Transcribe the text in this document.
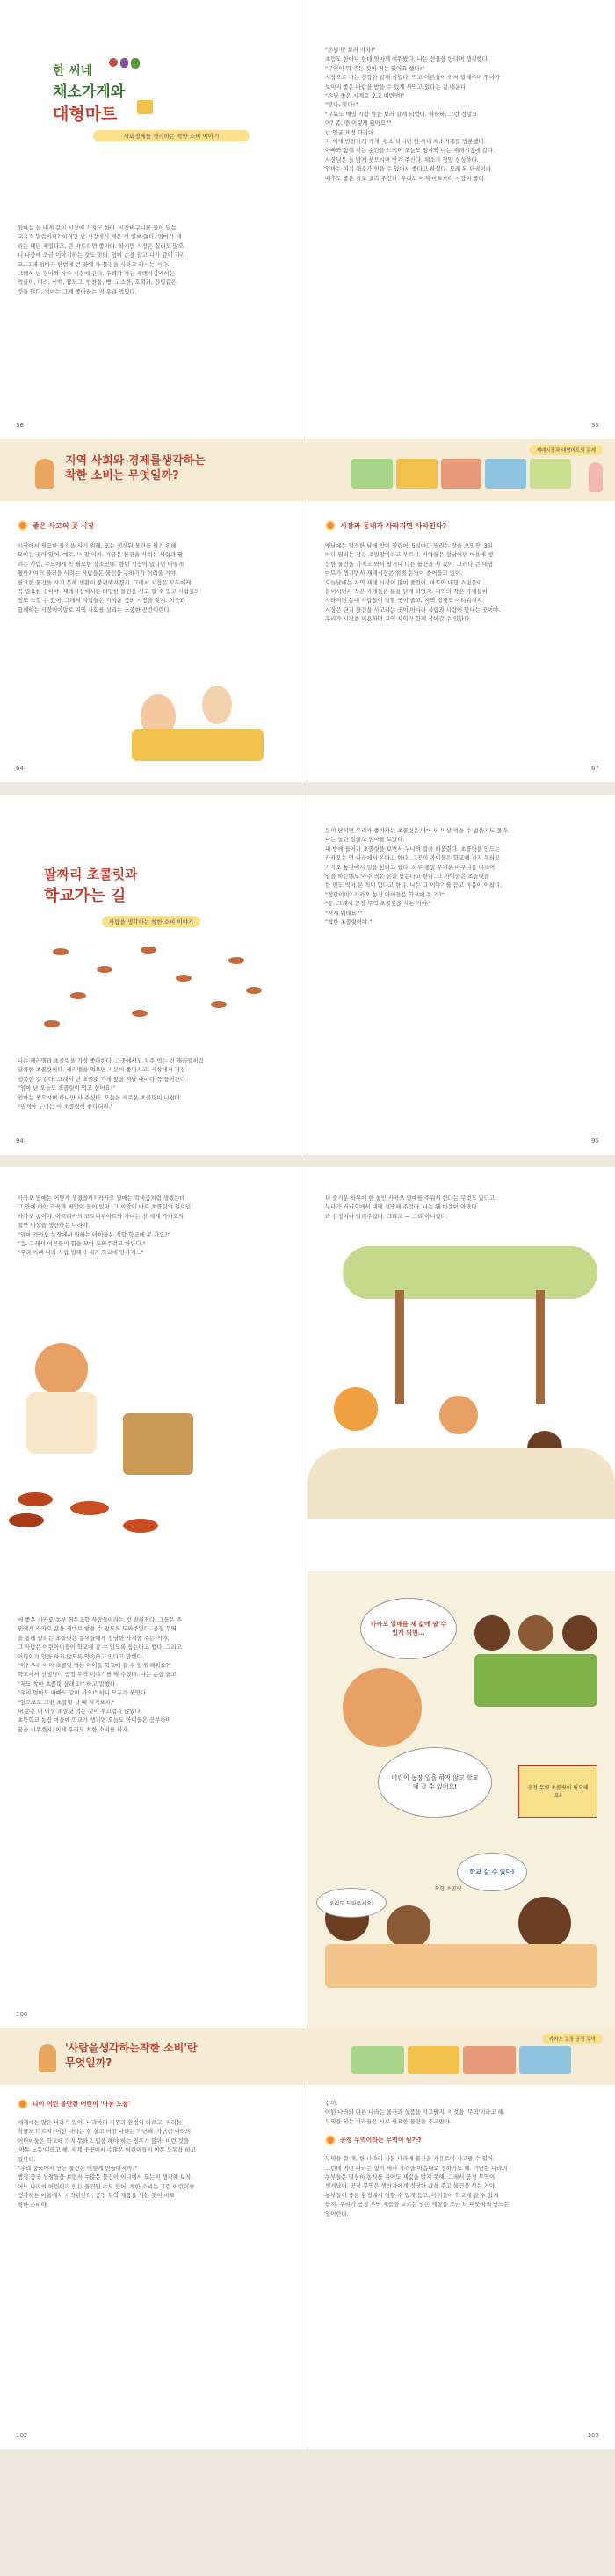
한 씨네
채소가게와
대형마트
사회경제를 생각하는 착한 소비 이야기
엄마는 늘 내게 같이 시장에 가자고 한다. 시장바구니를 들어 달는
교육적 말씀이다? 하지만 난 시장에서 배운 게 별로 없다. 엄마가 데
리는 대단 재밌다고, 큰 마트라면 좋아다. 하지만 시장은 실리도 많으
니 나중에 조금 이야기하는 것도 맞다. 엄마 손을 잡고 나가 같이 가라
고, 그래 엄마가 한번에 큰 곳에 가 물건을 사라고 하시는 거다.
그래서 난 엄마와 자주 시장에 간다. 우리가 가는 재래시장에서는
억울이, 여려, 신백, 짬도그, 반찬통, 빵, 고소한, 호떡과, 전병같은
것들 많다. 엄마는 그게 좋아하는 지 우리 먹었다.
36
"손님 맛 보러 가자!"
초등도 한마디 한데 엄마께 여쭤봤다. 나는 선물을 한다며 생각했다.
"무엇이 뭐 주는 것이 저는 있어요 했다!"
시장으로 가는 건강한 알게 싶었다. 먹고 어른들이 와서 말해주며 엄마가
보이지 좋은 바람을 받을 수 있게 사먹고 있다는 걸 배운다.
"손님 좋은 시계로 오고 이번엔!"
"맞다, 맞다!"
"무료도 매일 시장 말을 보러 갈게 되었다. 하하하, 그런 정말요
어? 좀, 맨 이렇게 됐어요?"
난 얼굴 표정 다잡아.
자 이제 반찬가게 가게, 평소 다니던 한 씨네 채소가게를 방문했다.
아빠와 함께 사는 순간을 느끼며 오늘도 엄마와 나는 재래시장에 갔다.
사장님은 늘 밝게 웃으시며 반겨 주신다. 채소가 정말 싱싱하다.
엄마는 여기 채소가 믿을 수 있어서 좋다고 하셨다. 오래 된 단골이라
배추도 좋은 걸로 골라 주신다. 우리도 이제 마트보다 시장이 좋다.
35
지역 사회와 경제를생각하는
착한 소비는 무엇일까?
재래시장과 대형마트의 문제
좋은 사고의 곳 시장
시장에서 필요한 물건을 사기 위해, 또는 생산된 물건을 팔기 위해
모이는 곳이 있어. 예로, '시장'이지. 지금은 물건을 사려는 사람과 팔
려는 사람, 수요에게 꼭 필요한 장소인데. 한번 시장이 없다면 어떻게
될까? 여러 물건을 사려는 사람들은 물건을 구하기가 어려울 거야.
필요한 물건을 사지 못해 생활이 불편해지겠지. 그래서 시장은 모두에게
꼭 필요한 곳이야. 재래시장에서는 다양한 물건을 사고 팔 수 있고 사람들의
정도 느낄 수 있어. 그래서 사람들은 가까운 곳의 시장을 찾지. 이웃과
함께하는 시장이야말로 지역 사회를 살리는 소중한 공간이란다.
64
시장과 동네가 사라지면 사라진다?
옛날에는 일정한 날에 장이 열렸어. 5일마다 열리는 장을 오일장, 3일
마다 열리는 장은 조일장이라고 부르지. 사람들은 장날이면 마을에 생
산한 물건을 가지고 와서 팔거나 다른 물건을 사 갔어. 그러다 큰 대형
마트가 생기면서 재래시장은 점점 손님이 줄어들고 있어.
오늘날에는 지역 재래 시장이 많이 줄었어. 마트와 대형 쇼핑몰이
들어서면서 작은 가게들은 문을 닫게 되었지. 지역의 작은 가게들이
사라지면 동네 사람들이 일할 곳이 줄고, 지역 경제도 어려워지지.
시장은 단지 물건을 사고파는 곳이 아니라 사람과 사람이 만나는 곳이야.
우리가 시장을 이용하면 지역 사회가 함께 살아갈 수 있단다.
67
팔짜리 초콜릿과
학교가는 길
사람을 생각하는 착한 소비 이야기
나는 캐러멜과 초콜릿을 가장 좋아한다. 그중에서도 자주 먹는 건 캐러멜처럼
달콤한 초콜릿이다. 캐러멜을 먹으면 기분이 좋아지고, 세상에서 가장
행복한 것 같다. 그래서 난 초콜릿 가게 앞을 지날 때마다 꼭 들어간다.
"엄마 난 오늘도 초콜릿이 먹고 싶어요!"
엄마는 웃으시며 하나만 사 주셨다. 오늘은 새로운 초콜릿이 나왔다.
"민재야 누나는 이 초콜릿이 좋다더라."
94
문이 닫히면 우리가 좋아하는 초콜릿은 아마 더 이상 먹을 수 없을지도 몰라.
나는 놀란 얼굴로 엄마를 보았다.
내 방에 들어가 초콜릿을 보면서 누나의 말을 떠올렸다. 초콜릿을 만드는
카카오는 먼 나라에서 온다고 한다. 그곳의 아이들은 학교에 가지 못하고
카카오 농장에서 일을 한다고 했다. 하루 종일 무거운 바구니를 나르며
일을 하는데도 아주 적은 돈을 받는다고 한다. 그 아이들은 초콜릿을
한 번도 먹어 본 적이 없다고 한다. 나는 그 이야기를 듣고 마음이 아팠다.
"정말이야? 카카오 농장 아이들은 학교에 못 가?"
"응. 그래서 공정 무역 초콜릿을 사는 거야."
"저게 뭐데요?"
"착한 초콜릿이야."
95
카카오 열매는 어떻게 생겼을까? 카카오 열매는 럭비공처럼 생겼는데
그 안에 하얀 과육과 씨앗이 들어 있어. 그 씨앗이 바로 초콜릿의 원료인
카카오 콩이야. 아프리카의 코트디부아르와 가나는 전 세계 카카오의
절반 이상을 생산하는 나라야.
"엄마 카카오 농장에서 일하는 아이들은 정말 학교에 못 가요?"
"응, 그래서 어른들이 힘을 모아 도와주려고 한단다."
"우리 아빠 나라 사람 일해서 내가 학교에 안가지..."
더 즐거운 하루에 한 놓인 카카오 열매를 주워서 한다는 무엇도 있다고.
누나가 카카오에서 대해 설명해 주었다. 나는 왠 마음이 아팠다.
과 감정이나 알려주었다. 그리고 — 그리 아니었다.
에 좋은 카카오 농부 협동조합 사람들이라는 것 밝혀졌다. 그들은 주
민에게 카카오 값을 제대로 받을 수 있도록 도와주었다. 공정 무역
을 통해 팔리는 초콜릿은 농부들에게 정당한 가격을 주는 거야.
그 사람은 어린아이들이 학교에 갈 수 있도록 돕는다고 했다. 그리고
어린이가 일을 하지 않도록 약속하고 있다고 말했다.
"어? 우리 아이 초콜릿 먹는 아이들 학교에 갈 수 있게 해줘요?"
학교에서 선생님이 공정 무역 이야기를 해 주셨다. 나는 손을 들고
"저도 착한 초콜릿 살래요!" 하고 말했다.
"우리 엄마도 아빠도 같이 사요!" 하니 모두가 웃었다.
"앞으로도 그런 초콜릿 살 때 지켜보자."
내 손은 더 이상 초콜릿 먹는 것이 부끄럽지 않았다.
초등학교 농장 마을에 학교가 생기면 오늘도 아이들은 공부하며
꿈을 키우겠지. 이제 우리도 착한 소비를 하자.
100
카카오 열매를 제 값에 팔 수 있게 되면...
어린이 농장 일을 하지 않고 학교에 갈 수 있어요!	공정 무역 초콜릿이 필요해요!
학교 갈 수 있다!
우리도 도와주세요!
착한 초콜릿
'사람을생각하는착한 소비'란
무엇일까?
카카오 농장 공정 무역
나이 어린 불안한 어린이 '아동 노동'
세계에는 많은 나라가 있어. 나라마다 자원과 환경이 다르고, 자라는
작물도 다르지. 어떤 나라는 잘 살고 어떤 나라는 가난해. 가난한 나라의
어린이들은 학교에 가지 못하고 일을 해야 하는 경우가 많아. 이런 것을
'아동 노동'이라고 해. 세계 곳곳에서 수많은 어린이들이 아동 노동을 하고
있단다.
"우리 중국에서 만든 물건은 어떻게 만들어지까?"
빵집 중국 상점들을 보면서 수많은 물건이 어디에서 오는지 생각해 보자.
어느 나라의 어린이가 만든 물건일 수도 있어. 착한 소비는 그런 어린이를
생각하는 마음에서 시작된단다. 공정 무역 제품을 사는 것이 바로
착한 소비야.
102
같이.
어떤 나라와 다른 나라는 물건과 상품을 사고팔지. 이것을 '무역'이라고 해.
무역을 하는 나라들은 서로 필요한 물건을 주고받아.
공정 무역이라는 무역이 뭔가?
무역을 할 때, 한 나라의 자본 나라에 물건을 자유로이 사고팔 수 있어.
그런데 어떤 나라는 힘이 세서 가격을 마음대로 정하기도 해. 가난한 나라의
농부들은 열심히 농사를 지어도 제값을 받지 못해. 그래서 공정 무역이
생겨났어. 공정 무역은 생산자에게 정당한 값을 주고 물건을 사는 거야.
농부들이 좋은 환경에서 일할 수 있게 돕고, 아이들이 학교에 갈 수 있게
돕지. 우리가 공정 무역 제품을 고르는 일은 세상을 조금 더 따뜻하게 만드는
일이란다.
103
